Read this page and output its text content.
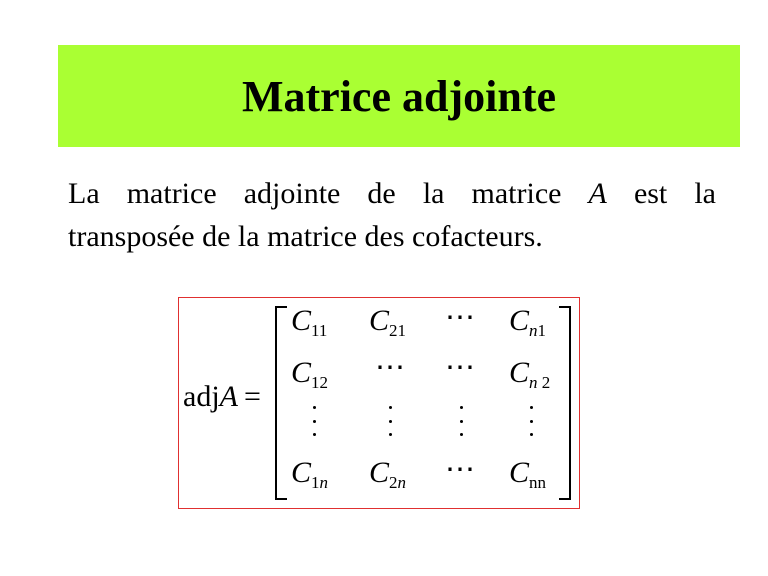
Matrice adjointe
La matrice adjointe de la matrice A est la
transposée de la matrice des cofacteurs.
adjA =
$C_{11}$ $C_{21}$ ⋯ $C_{n1}$
$C_{12}$ ⋯ ⋯ $C_{n 2}$
$C_{1n}$ $C_{2n}$ ⋯ $C_{nn}$
